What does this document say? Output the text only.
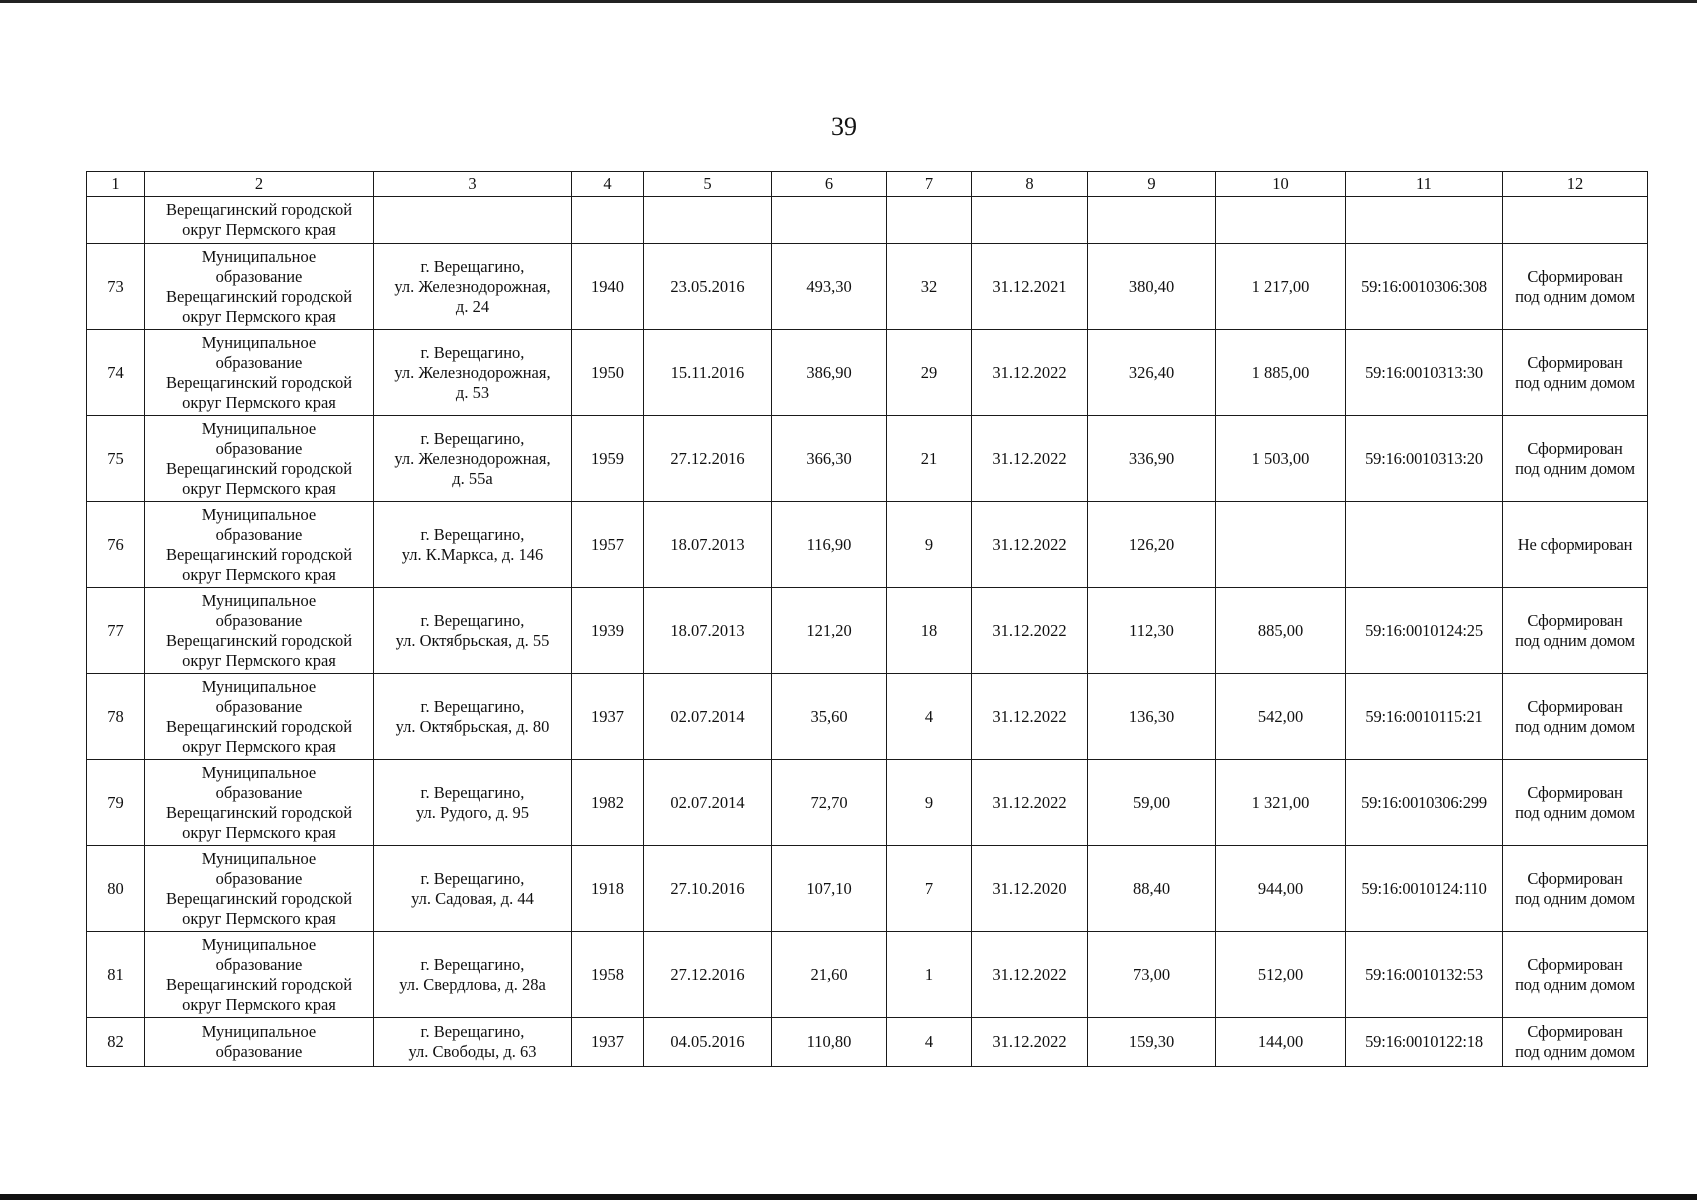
39
1	2	3	4	5	6	7	8	9	10	11	12
	Верещагинский городской
округ Пермского края										
73	Муниципальное
образование
Верещагинский городской
округ Пермского края	г. Верещагино,
ул. Железнодорожная,
д. 24	1940	23.05.2016	493,30	32	31.12.2021	380,40	1 217,00	59:16:0010306:308	Сформирован
под одним домом
74	Муниципальное
образование
Верещагинский городской
округ Пермского края	г. Верещагино,
ул. Железнодорожная,
д. 53	1950	15.11.2016	386,90	29	31.12.2022	326,40	1 885,00	59:16:0010313:30	Сформирован
под одним домом
75	Муниципальное
образование
Верещагинский городской
округ Пермского края	г. Верещагино,
ул. Железнодорожная,
д. 55а	1959	27.12.2016	366,30	21	31.12.2022	336,90	1 503,00	59:16:0010313:20	Сформирован
под одним домом
76	Муниципальное
образование
Верещагинский городской
округ Пермского края	г. Верещагино,
ул. К.Маркса, д. 146	1957	18.07.2013	116,90	9	31.12.2022	126,20			Не сформирован
77	Муниципальное
образование
Верещагинский городской
округ Пермского края	г. Верещагино,
ул. Октябрьская, д. 55	1939	18.07.2013	121,20	18	31.12.2022	112,30	885,00	59:16:0010124:25	Сформирован
под одним домом
78	Муниципальное
образование
Верещагинский городской
округ Пермского края	г. Верещагино,
ул. Октябрьская, д. 80	1937	02.07.2014	35,60	4	31.12.2022	136,30	542,00	59:16:0010115:21	Сформирован
под одним домом
79	Муниципальное
образование
Верещагинский городской
округ Пермского края	г. Верещагино,
ул. Рудого, д. 95	1982	02.07.2014	72,70	9	31.12.2022	59,00	1 321,00	59:16:0010306:299	Сформирован
под одним домом
80	Муниципальное
образование
Верещагинский городской
округ Пермского края	г. Верещагино,
ул. Садовая, д. 44	1918	27.10.2016	107,10	7	31.12.2020	88,40	944,00	59:16:0010124:110	Сформирован
под одним домом
81	Муниципальное
образование
Верещагинский городской
округ Пермского края	г. Верещагино,
ул. Свердлова, д. 28а	1958	27.12.2016	21,60	1	31.12.2022	73,00	512,00	59:16:0010132:53	Сформирован
под одним домом
82	Муниципальное
образование	г. Верещагино,
ул. Свободы, д. 63	1937	04.05.2016	110,80	4	31.12.2022	159,30	144,00	59:16:0010122:18	Сформирован
под одним домом
